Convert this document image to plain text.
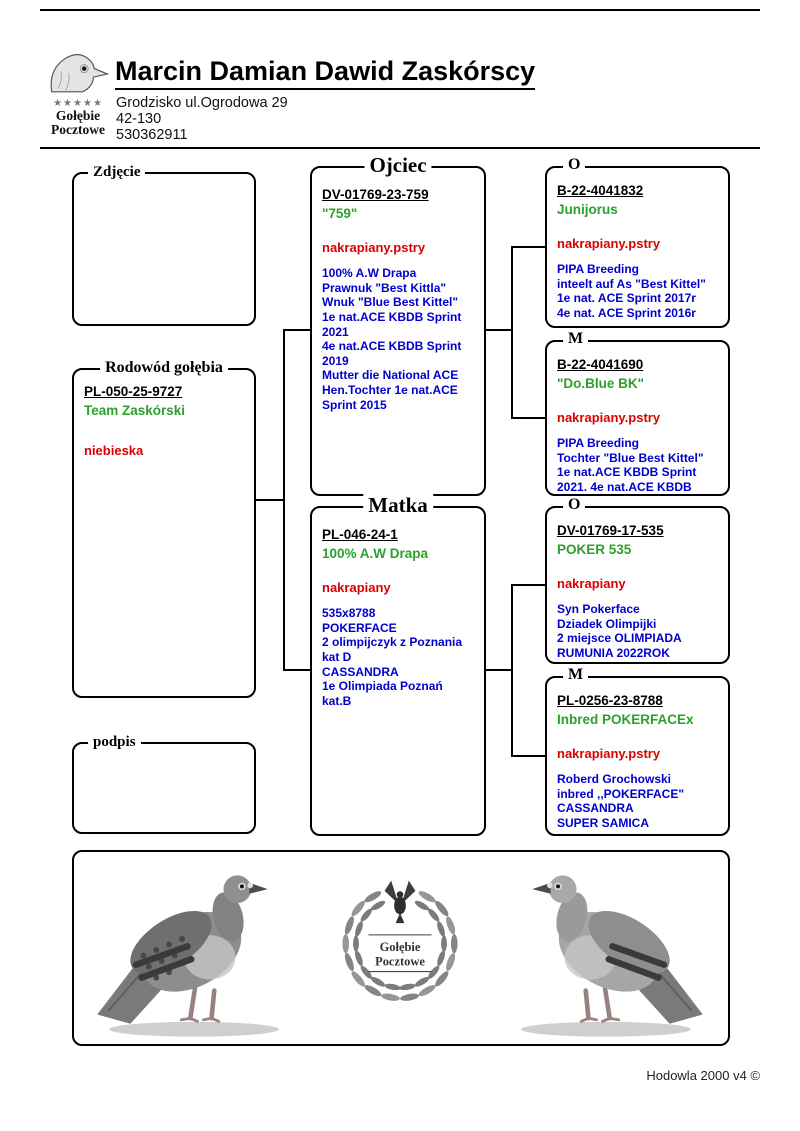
★★★★★
Gołębie
Pocztowe
Marcin Damian Dawid Zaskórscy
Grodzisko ul.Ogrodowa 29
42-130
530362911
Zdjęcie
Rodowód gołębia
PL-050-25-9727
Team Zaskórski
niebieska
podpis
Ojciec
DV-01769-23-759
"759"
nakrapiany.pstry
100% A.W Drapa
Prawnuk "Best Kittla"
Wnuk "Blue Best Kittel"
1e nat.ACE KBDB Sprint 2021
4e nat.ACE KBDB Sprint 2019
Mutter die National ACE
Hen.Tochter 1e nat.ACE Sprint 2015
Matka
PL-046-24-1
100% A.W Drapa
nakrapiany
535x8788
POKERFACE
2 olimpijczyk z Poznania kat D
CASSANDRA
1e Olimpiada Poznań kat.B
O
B-22-4041832
Junijorus
nakrapiany.pstry
PIPA Breeding
inteelt auf As "Best Kittel"
1e nat. ACE Sprint 2017r
4e nat. ACE Sprint 2016r
M
B-22-4041690
"Do.Blue BK"
nakrapiany.pstry
PIPA Breeding
Tochter "Blue Best Kittel"
1e nat.ACE KBDB Sprint 2021. 4e nat.ACE KBDB
O
DV-01769-17-535
POKER 535
nakrapiany
Syn Pokerface
Dziadek Olimpijki
2 miejsce OLIMPIADA
RUMUNIA 2022ROK
M
PL-0256-23-8788
Inbred POKERFACEx
nakrapiany.pstry
Roberd Grochowski
inbred ,,POKERFACE"
CASSANDRA
SUPER SAMICA
Gołębie
Pocztowe
Hodowla 2000 v4 ©
